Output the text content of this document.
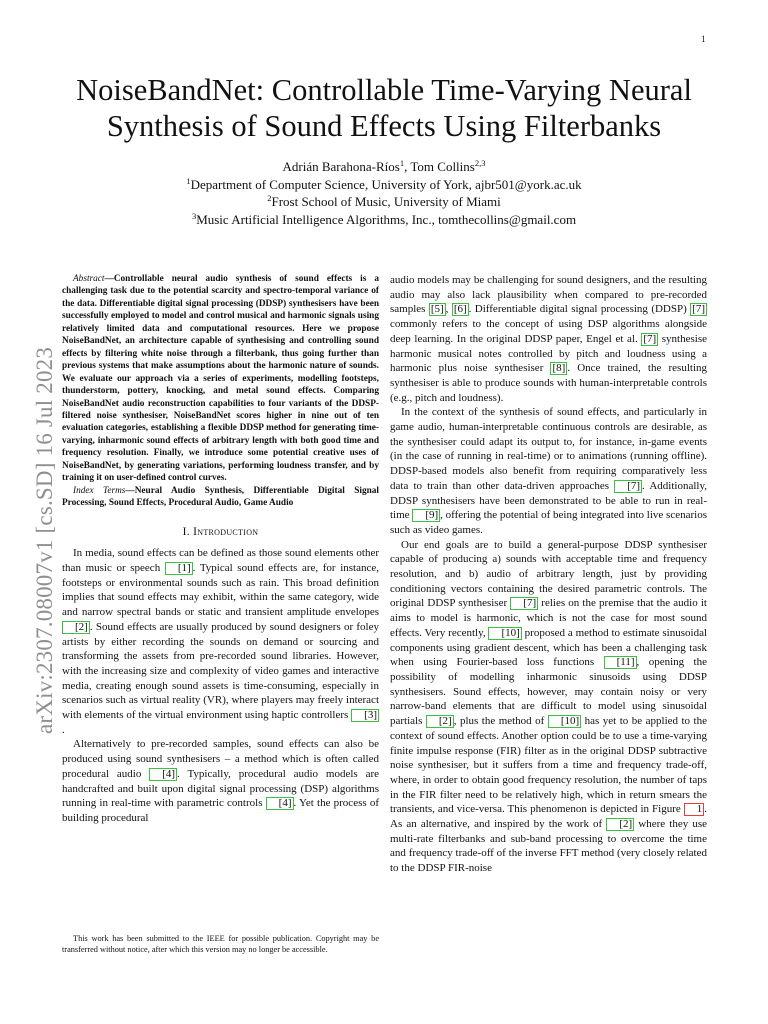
1
arXiv:2307.08007v1 [cs.SD] 16 Jul 2023
NoiseBandNet: Controllable Time-Varying Neural
Synthesis of Sound Effects Using Filterbanks
Adrián Barahona-Ríos$^1$, Tom Collins$^{2,3}$
$^1$Department of Computer Science, University of York, ajbr501@york.ac.uk
$^2$Frost School of Music, University of Miami
$^3$Music Artificial Intelligence Algorithms, Inc., tomthecollins@gmail.com

Abstract—Controllable neural audio synthesis of sound effects is a challenging task due to the potential scarcity and spectro-temporal variance of the data. Differentiable digital signal processing (DDSP) synthesisers have been successfully employed to model and control musical and harmonic signals using relatively limited data and computational resources. Here we propose NoiseBandNet, an architecture capable of synthesising and controlling sound effects by filtering white noise through a filterbank, thus going further than previous systems that make assumptions about the harmonic nature of sounds. We evaluate our approach via a series of experiments, modelling footsteps, thunderstorm, pottery, knocking, and metal sound effects. Comparing NoiseBandNet audio reconstruction capabilities to four variants of the DDSP-filtered noise synthesiser, NoiseBandNet scores higher in nine out of ten evaluation categories, establishing a flexible DDSP method for generating time-varying, inharmonic sound effects of arbitrary length with both good time and frequency resolution. Finally, we introduce some potential creative uses of NoiseBandNet, by generating variations, performing loudness transfer, and by training it on user-defined control curves.

Index Terms—Neural Audio Synthesis, Differentiable Digital Signal Processing, Sound Effects, Procedural Audio, Game Audio

I. Introduction

In media, sound effects can be defined as those sound elements other than music or speech [1] . Typical sound effects are, for instance, footsteps or environmental sounds such as rain. This broad definition implies that sound effects may exhibit, within the same category, wide and narrow spectral bands or static and transient amplitude envelopes [2] . Sound effects are usually produced by sound designers or foley artists by either recording the sounds on demand or sourcing and transforming the assets from pre-recorded sound libraries. However, with the increasing size and complexity of video games and interactive media, creating enough sound assets is time-consuming, especially in scenarios such as virtual reality (VR), where players may freely interact with elements of the virtual environment using haptic controllers [3].

Alternatively to pre-recorded samples, sound effects can also be produced using sound synthesisers – a method which is often called procedural audio [4] . Typically, procedural audio models are handcrafted and built upon digital signal processing (DSP) algorithms running in real-time with parametric controls [4] . Yet the process of building procedural

This work has been submitted to the IEEE for possible publication. Copyright may be transferred without notice, after which this version may no longer be accessible.

audio models may be challenging for sound designers, and the resulting audio may also lack plausibility when compared to pre-recorded samples [5] , [6] . Differentiable digital signal processing (DDSP) [7] commonly refers to the concept of using DSP algorithms alongside deep learning. In the original DDSP paper, Engel et al. [7] synthesise harmonic musical notes controlled by pitch and loudness using a harmonic plus noise synthesiser [8] . Once trained, the resulting synthesiser is able to produce sounds with human-interpretable controls (e.g., pitch and loudness).

In the context of the synthesis of sound effects, and particularly in game audio, human-interpretable continuous controls are desirable, as the synthesiser could adapt its output to, for instance, in-game events (in the case of running in real-time) or to animations (running offline). DDSP-based models also benefit from requiring comparatively less data to train than other data-driven approaches [7] . Additionally, DDSP synthesisers have been demonstrated to be able to run in real-time [9] , offering the potential of being integrated into live scenarios such as video games.

Our end goals are to build a general-purpose DDSP synthesiser capable of producing a) sounds with acceptable time and frequency resolution, and b) audio of arbitrary length, just by providing conditioning vectors containing the desired parametric controls. The original DDSP synthesiser [7] relies on the premise that the audio it aims to model is harmonic, which is not the case for most sound effects. Very recently, [10] proposed a method to estimate sinusoidal components using gradient descent, which has been a challenging task when using Fourier-based loss functions [11] , opening the possibility of modelling inharmonic sinusoids using DDSP synthesisers. Sound effects, however, may contain noisy or very narrow-band elements that are difficult to model using sinusoidal partials [2] , plus the method of [10] has yet to be applied to the context of sound effects. Another option could be to use a time-varying finite impulse response (FIR) filter as in the original DDSP subtractive noise synthesiser, but it suffers from a time and frequency trade-off, where, in order to obtain good frequency resolution, the number of taps in the FIR filter need to be relatively high, which in return smears the transients, and vice-versa. This phenomenon is depicted in Figure 1 . As an alternative, and inspired by the work of [2] where they use multi-rate filterbanks and sub-band processing to overcome the time and frequency trade-off of the inverse FFT method (very closely related to the DDSP FIR-noise
